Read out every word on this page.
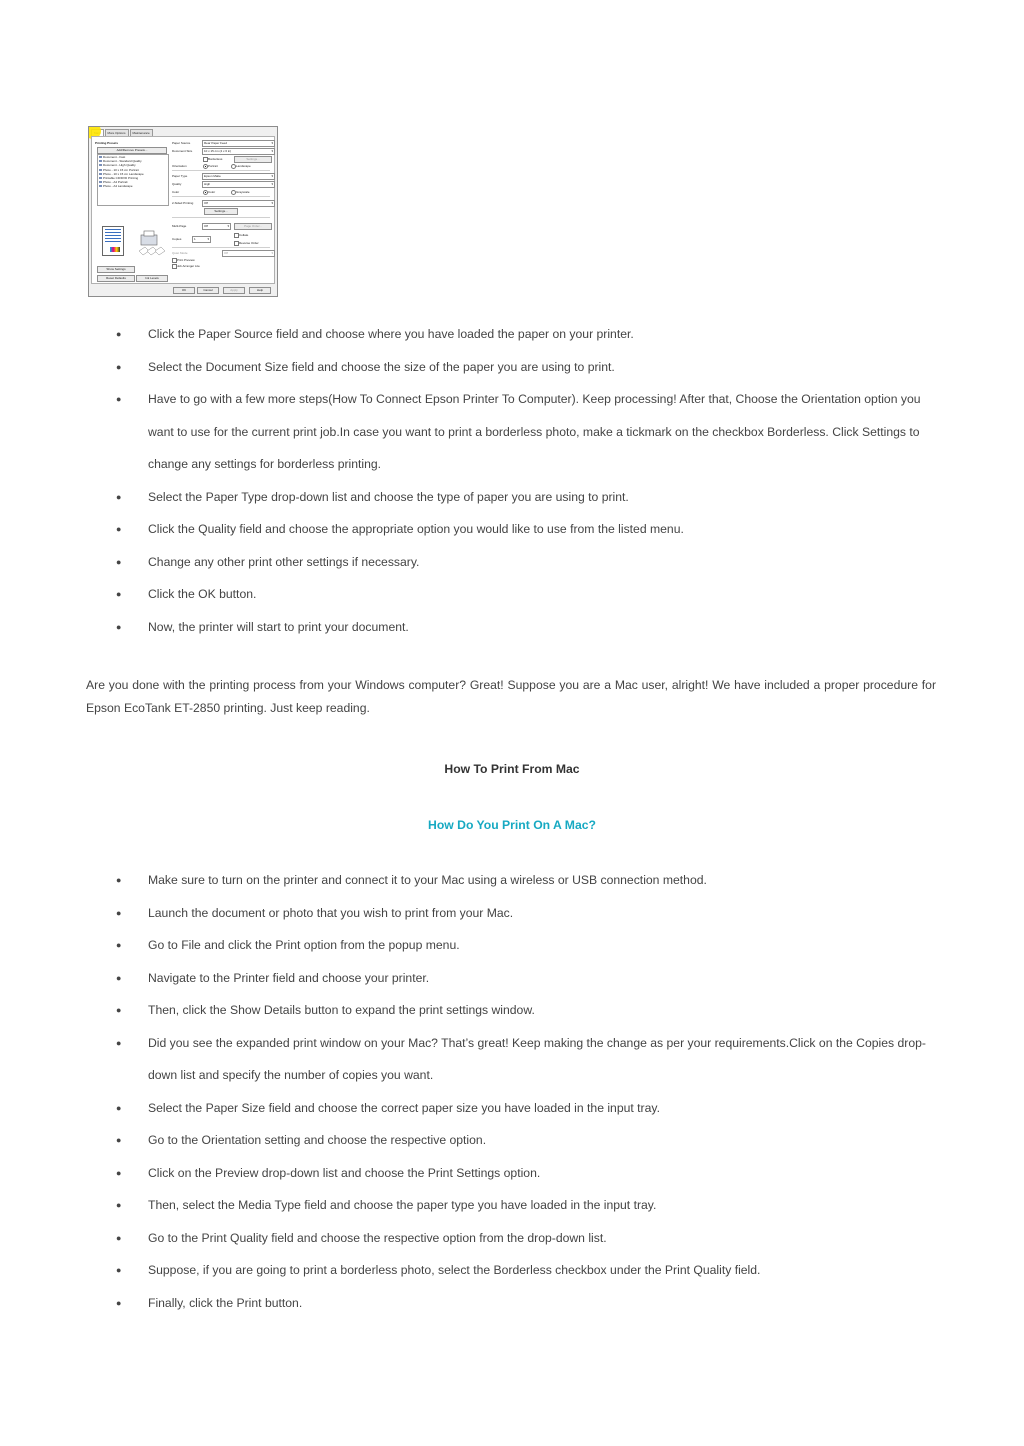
More Options	Maintenance
Printing Presets
Add/Remove Presets...
Document - Fast
Document - Standard Quality
Document - High Quality
Photo - 10 x 15 cm Portrait
Photo - 10 x 15 cm Landscape
Printable CD/DVD Printing
Photo - A4 Portrait
Photo - A4 Landscape
Paper Source	Rear Paper Feed ▾
Document Size	10 x 15 cm (4 x 6 in) ▾
Borderless	Settings...
Orientation	Portrait	Landscape
Paper Type	Epson Matte ▾
Quality	High ▾
Color	Color	Grayscale
2-Sided Printing	Off ▾
Settings...
Multi-Page	Off ▾	Page Order...
Copies	1 ▾
Collate
Reverse Order
Quiet Mode	Off ▾
Print Preview
Job Arranger Lite
Show Settings
Reset Defaults	Ink Levels
OK	Cancel	Apply	Help
● Click the Paper Source field and choose where you have loaded the paper on your printer.
● Select the Document Size field and choose the size of the paper you are using to print.
● Have to go with a few more steps(How To Connect Epson Printer To Computer). Keep processing! After that, Choose the Orientation option you want to use for the current print job.In case you want to print a borderless photo, make a tickmark on the checkbox Borderless. Click Settings to change any settings for borderless printing.
● Select the Paper Type drop-down list and choose the type of paper you are using to print.
● Click the Quality field and choose the appropriate option you would like to use from the listed menu.
● Change any other print other settings if necessary.
● Click the OK button.
● Now, the printer will start to print your document.

Are you done with the printing process from your Windows computer? Great! Suppose you are a Mac user, alright! We have included a proper procedure for Epson EcoTank ET-2850 printing. Just keep reading.

How To Print From Mac
How Do You Print On A Mac?
● Make sure to turn on the printer and connect it to your Mac using a wireless or USB connection method.
● Launch the document or photo that you wish to print from your Mac.
● Go to File and click the Print option from the popup menu.
● Navigate to the Printer field and choose your printer.
● Then, click the Show Details button to expand the print settings window.
● Did you see the expanded print window on your Mac? That’s great! Keep making the change as per your requirements.Click on the Copies drop-down list and specify the number of copies you want.
● Select the Paper Size field and choose the correct paper size you have loaded in the input tray.
● Go to the Orientation setting and choose the respective option.
● Click on the Preview drop-down list and choose the Print Settings option.
● Then, select the Media Type field and choose the paper type you have loaded in the input tray.
● Go to the Print Quality field and choose the respective option from the drop-down list.
● Suppose, if you are going to print a borderless photo, select the Borderless checkbox under the Print Quality field.
● Finally, click the Print button.
